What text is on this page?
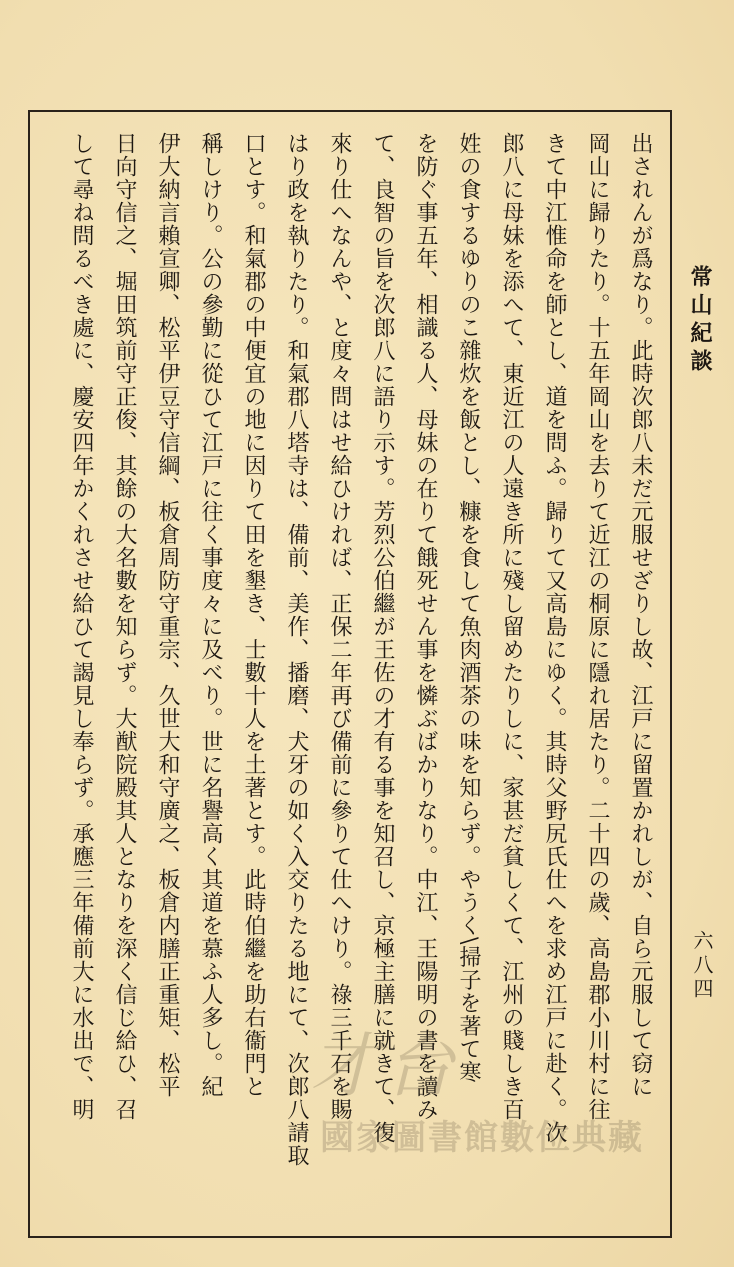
常山紀談
六八四
出されんが爲なり。此時次郎八未だ元服せざりし故、江戸に留置かれしが、自ら元服して窃に
岡山に歸りたり。十五年岡山を去りて近江の桐原に隱れ居たり。二十四の歲、高島郡小川村に往
きて中江惟命を師とし、道を問ふ。歸りて又高島にゆく。其時父野尻氏仕へを求め江戸に赴く。次
郎八に母妹を添へて、東近江の人遠き所に殘し留めたりしに、家甚だ貧しくて、江州の賤しき百
姓の食するゆりのこ雜炊を飯とし、糠を食して魚肉酒茶の味を知らず。やうく\掃子を著て寒
を防ぐ事五年、相識る人、母妹の在りて餓死せん事を憐ぶばかりなり。中江、王陽明の書を讀み
て、良智の旨を次郎八に語り示す。芳烈公伯繼が王佐の才有る事を知召し、京極主膳に就きて、復
來り仕へなんや、と度々問はせ給ひければ、正保二年再び備前に參りて仕へけり。祿三千石を賜
はり政を執りたり。和氣郡八塔寺は、備前、美作、播磨、犬牙の如く入交りたる地にて、次郎八請取
口とす。和氣郡の中便宜の地に因りて田を墾き、士數十人を土著とす。此時伯繼を助右衞門と
稱しけり。公の參勤に從ひて江戸に往く事度々に及べり。世に名譽高く其道を慕ふ人多し。紀
伊大納言賴宣卿、松平伊豆守信綱、板倉周防守重宗、久世大和守廣之、板倉内膳正重矩、松平
日向守信之、堀田筑前守正俊、其餘の大名數を知らず。大猷院殿其人となりを深く信じ給ひ、召
して尋ね問るべき處に、慶安四年かくれさせ給ひて謁見し奉らず。承應三年備前大に水出で、明	才台
國家圖書館數位典藏
